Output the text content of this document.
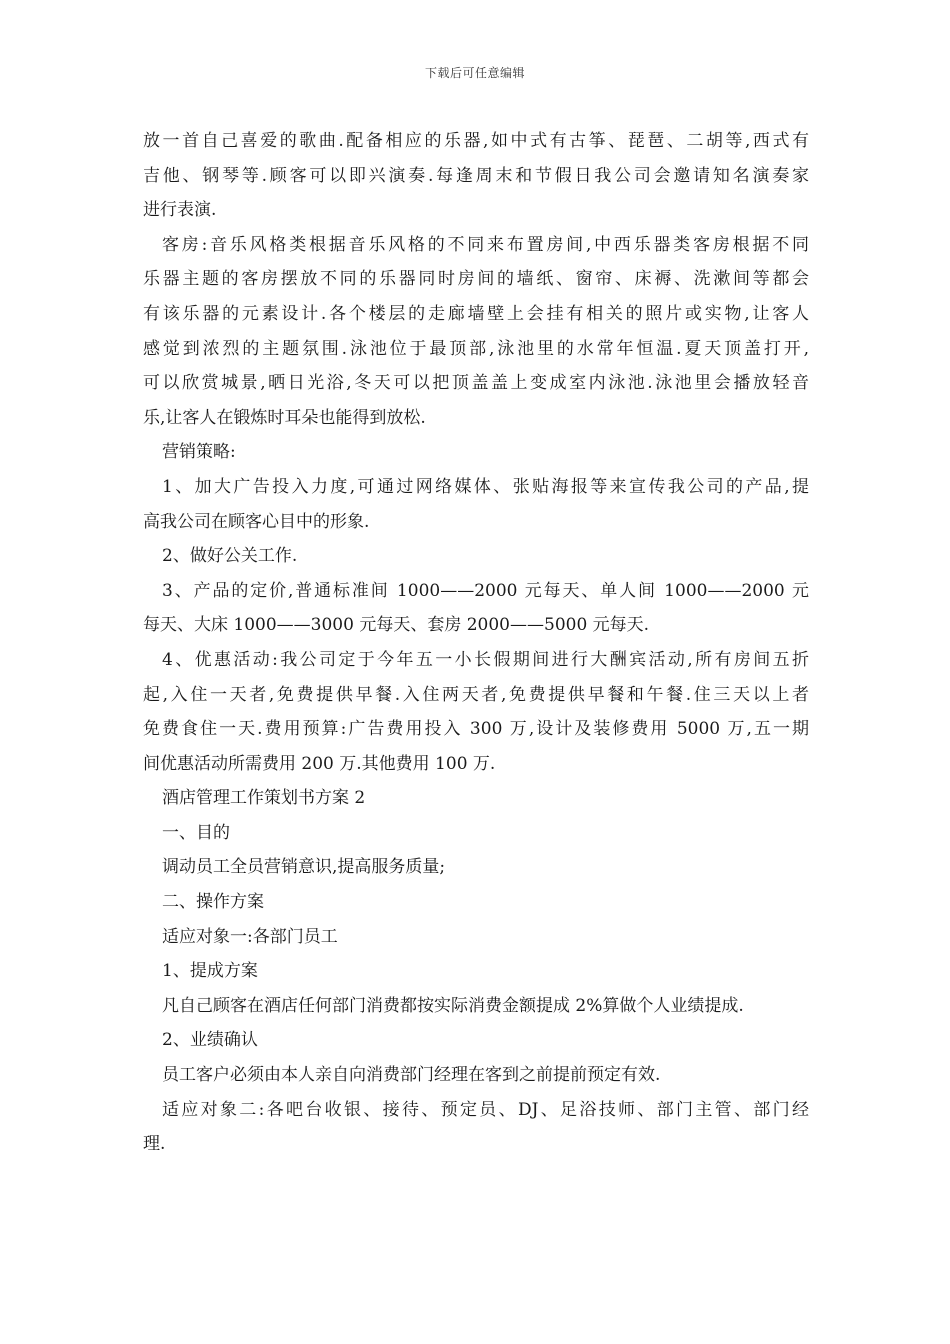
下载后可任意编辑
放一首自己喜爱的歌曲.配备相应的乐器,如中式有古筝、琵琶、二胡等,西式有
吉他、钢琴等.顾客可以即兴演奏.每逢周末和节假日我公司会邀请知名演奏家
进行表演.
客房:音乐风格类根据音乐风格的不同来布置房间,中西乐器类客房根据不同
乐器主题的客房摆放不同的乐器同时房间的墙纸、窗帘、床褥、洗漱间等都会
有该乐器的元素设计.各个楼层的走廊墙壁上会挂有相关的照片或实物,让客人
感觉到浓烈的主题氛围.泳池位于最顶部,泳池里的水常年恒温.夏天顶盖打开,
可以欣赏城景,晒日光浴,冬天可以把顶盖盖上变成室内泳池.泳池里会播放轻音
乐,让客人在锻炼时耳朵也能得到放松.
营销策略:
1、加大广告投入力度,可通过网络媒体、张贴海报等来宣传我公司的产品,提
高我公司在顾客心目中的形象.
2、做好公关工作.
3、产品的定价,普通标准间 1000——2000 元每天、单人间 1000——2000 元
每天、大床 1000——3000 元每天、套房 2000——5000 元每天.
4、优惠活动:我公司定于今年五一小长假期间进行大酬宾活动,所有房间五折
起,入住一天者,免费提供早餐.入住两天者,免费提供早餐和午餐.住三天以上者
免费食住一天.费用预算:广告费用投入 300 万,设计及装修费用 5000 万,五一期
间优惠活动所需费用 200 万.其他费用 100 万.
酒店管理工作策划书方案 2
一、目的
调动员工全员营销意识,提高服务质量;
二、操作方案
适应对象一:各部门员工
1、提成方案
凡自己顾客在酒店任何部门消费都按实际消费金额提成 2%算做个人业绩提成.
2、业绩确认
员工客户必须由本人亲自向消费部门经理在客到之前提前预定有效.
适应对象二:各吧台收银、接待、预定员、DJ、足浴技师、部门主管、部门经
理.
